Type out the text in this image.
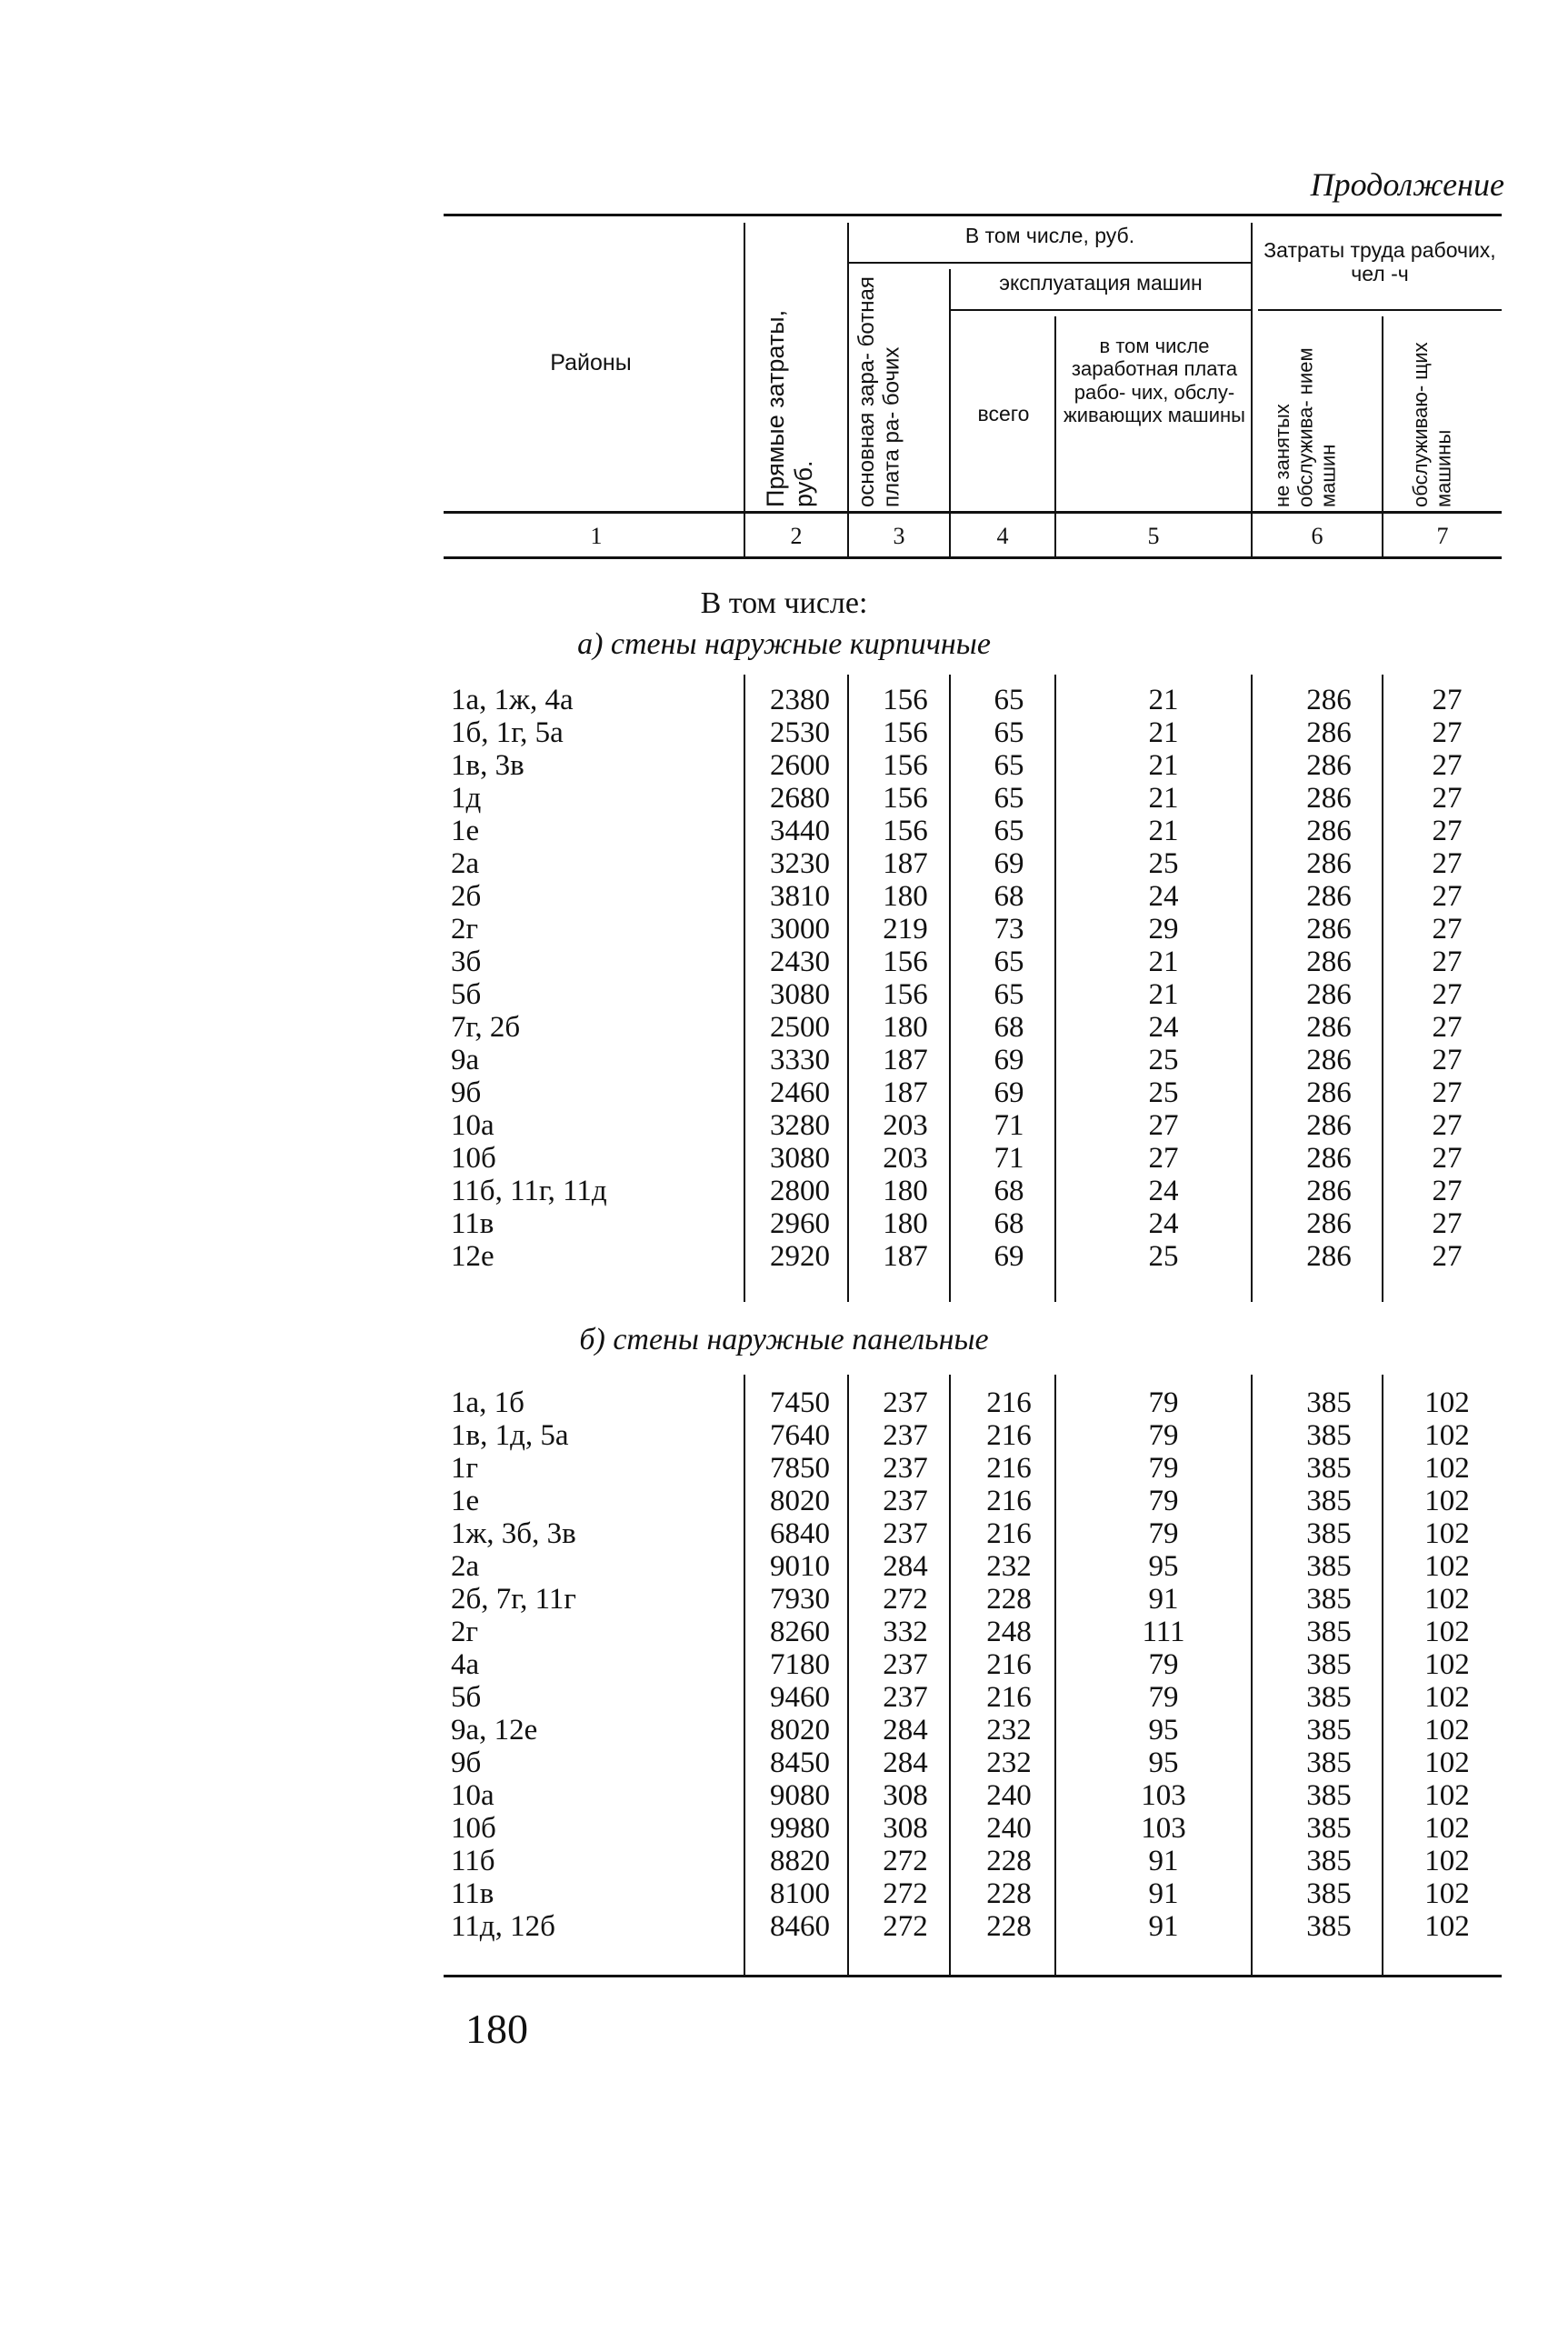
Продолжение
Районы	Прямые затраты, руб.
В том числе, руб.
основная зара- ботная плата ра- бочих
эксплуатация машин
всего
в том числе заработная плата рабо- чих, обслу- живающих машины
Затраты труда рабочих, чел -ч
не занятых обслужива- нием машин	обслуживаю- щих машины
1	2	3	4	5	6	7
В том числе:
а) стены наружные кирпичные
б) стены наружные панельные
1а, 1ж, 4а	2380	156	65	21	286	27
1б, 1г, 5а	2530	156	65	21	286	27
1в, 3в	2600	156	65	21	286	27
1д	2680	156	65	21	286	27
1е	3440	156	65	21	286	27
2а	3230	187	69	25	286	27
2б	3810	180	68	24	286	27
2г	3000	219	73	29	286	27
3б	2430	156	65	21	286	27
5б	3080	156	65	21	286	27
7г, 2б	2500	180	68	24	286	27
9а	3330	187	69	25	286	27
9б	2460	187	69	25	286	27
10а	3280	203	71	27	286	27
10б	3080	203	71	27	286	27
11б, 11г, 11д	2800	180	68	24	286	27
11в	2960	180	68	24	286	27
12е	2920	187	69	25	286	27
1а, 1б	7450	237	216	79	385	102
1в, 1д, 5а	7640	237	216	79	385	102
1г	7850	237	216	79	385	102
1е	8020	237	216	79	385	102
1ж, 3б, 3в	6840	237	216	79	385	102
2а	9010	284	232	95	385	102
2б, 7г, 11г	7930	272	228	91	385	102
2г	8260	332	248	111	385	102
4а	7180	237	216	79	385	102
5б	9460	237	216	79	385	102
9а, 12е	8020	284	232	95	385	102
9б	8450	284	232	95	385	102
10а	9080	308	240	103	385	102
10б	9980	308	240	103	385	102
11б	8820	272	228	91	385	102
11в	8100	272	228	91	385	102
11д, 12б	8460	272	228	91	385	102
180
